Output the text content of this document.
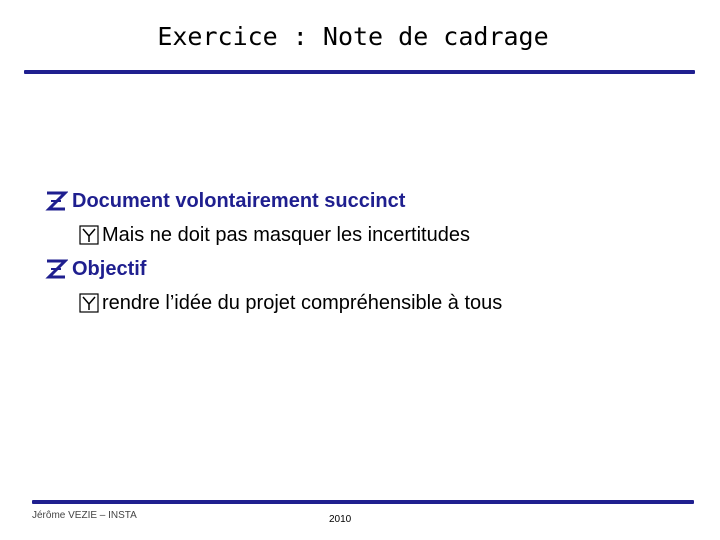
Exercice : Note de cadrage
Document volontairement succinct
Mais ne doit pas masquer les incertitudes
Objectif
rendre l’idée du projet compréhensible à tous
Jérôme VEZIE – INSTA	2010
